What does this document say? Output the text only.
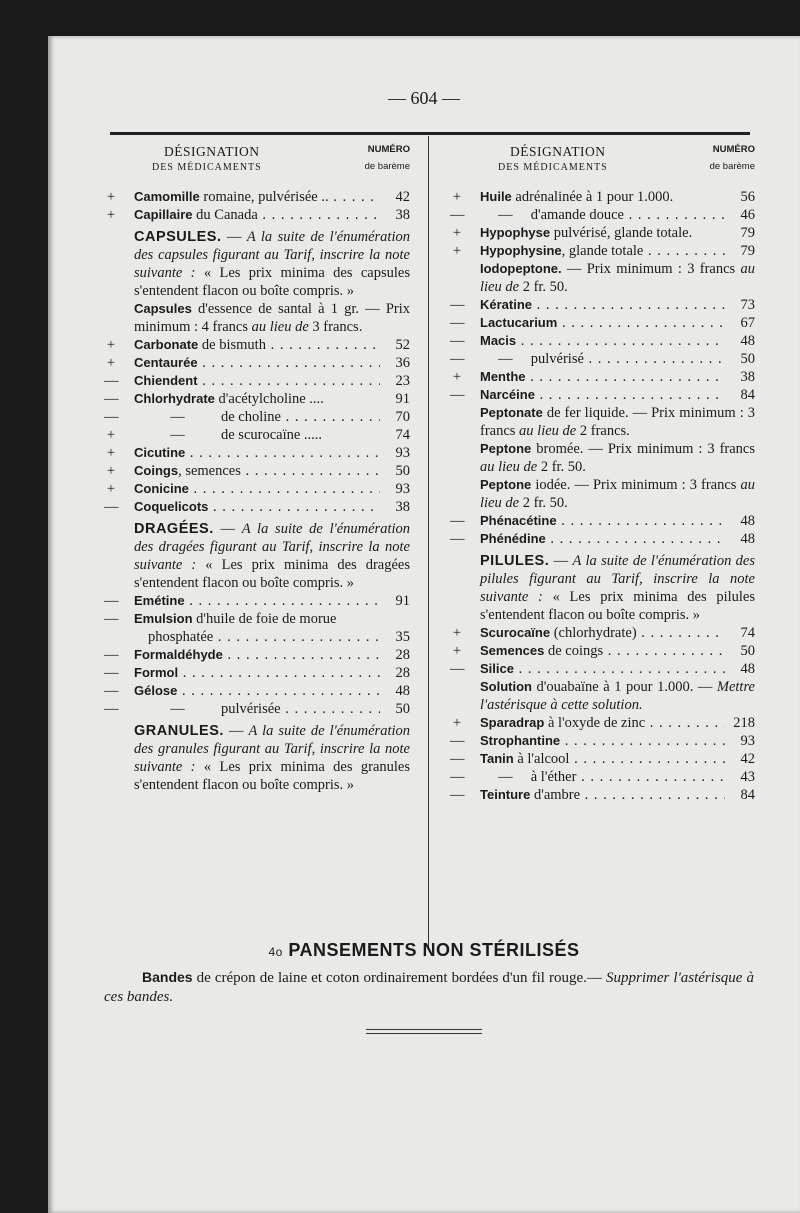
— 604 —
DÉSIGNATION
DES MÉDICAMENTS
NUMÉRO
de barème
+ Camomille romaine, pulvérisée .. . . .	42
+ Capillaire du Canada . . .	38
CAPSULES. — A la suite de l'énumération des capsules figurant au Tarif, inscrire la note suivante : « Les prix minima des capsules s'entendent flacon ou boîte compris. »
Capsules d'essence de santal à 1 gr. — Prix minimum : 4 francs au lieu de 3 francs.
+ Carbonate de bismuth . . .	52
+ Centaurée . . .	36
— Chiendent . . .	23
— Chlorhydrate d'acétylcholine ....	91
— —          de choline . . .	70
+ —          de scurocaïne .....	74
+ Cicutine . . .	93
+ Coings, semences . . .	50
+ Conicine . . .	93
— Coquelicots . . .	38
DRAGÉES. — A la suite de l'énumération des dragées figurant au Tarif, inscrire la note suivante : « Les prix minima des dragées s'entendent flacon ou boîte compris. »
— Emétine . . .	91
— Emulsion d'huile de foie de morue
phosphatée . . .	35
— Formaldéhyde . . .	28
— Formol . . .	28
— Gélose . . .	48
— —          pulvérisée . . .	50
GRANULES. — A la suite de l'énumération des granules figurant au Tarif, inscrire la note suivante : « Les prix minima des granules s'entendent flacon ou boîte compris. »
DÉSIGNATION
DES MÉDICAMENTS
NUMÉRO
de barème
+ Huile adrénalinée à 1 pour 1.000.	56
— —     d'amande douce . . .	46
+ Hypophyse pulvérisé, glande totale.	79
+ Hypophysine, glande totale . . .	79
Iodopeptone. — Prix minimum : 3 francs au lieu de 2 fr. 50.
— Kératine . . .	73
— Lactucarium . . .	67
— Macis . . .	48
— —     pulvérisé . . .	50
+ Menthe . . .	38
— Narcéine . . .	84
Peptonate de fer liquide. — Prix minimum : 3 francs au lieu de 2 francs.
Peptone bromée. — Prix minimum : 3 francs au lieu de 2 fr. 50.
Peptone iodée. — Prix minimum : 3 francs au lieu de 2 fr. 50.
— Phénacétine . . .	48
— Phénédine . . .	48
PILULES. — A la suite de l'énumération des pilules figurant au Tarif, inscrire la note suivante : « Les prix minima des pilules s'entendent flacon ou boîte compris. »
+ Scurocaïne (chlorhydrate) . . .	74
+ Semences de coings . . .	50
— Silice . . .	48
Solution d'ouabaïne à 1 pour 1.000. — Mettre l'astérisque à cette solution.
+ Sparadrap à l'oxyde de zinc . . .	218
— Strophantine . . .	93
— Tanin à l'alcool . . .	42
— —     à l'éther . . .	43
— Teinture d'ambre . . .	84
4o PANSEMENTS NON STÉRILISÉS
Bandes de crépon de laine et coton ordinairement bordées d'un fil rouge.— Supprimer l'astérisque à ces bandes.
